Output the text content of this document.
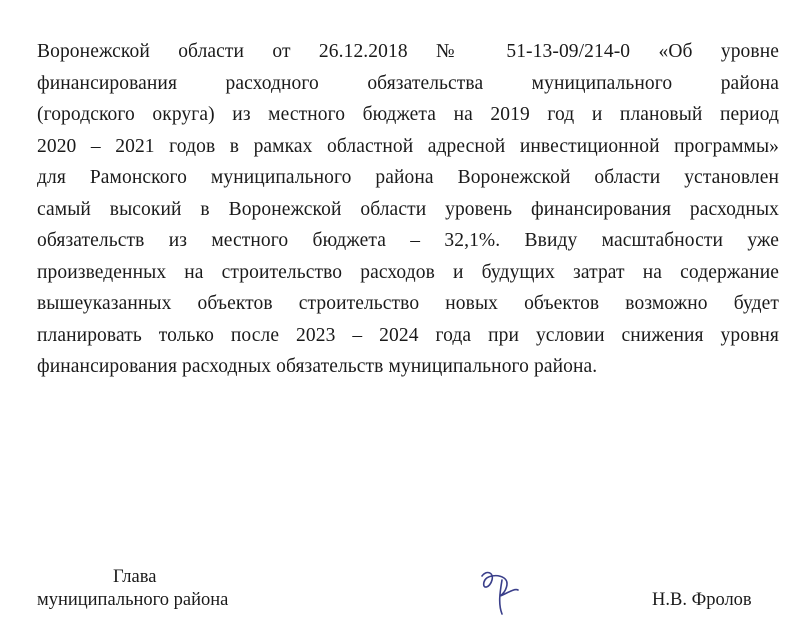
Воронежской области от 26.12.2018 № 51-13-09/214-0 «Об уровне
финансирования расходного обязательства муниципального района
(городского округа) из местного бюджета на 2019 год и плановый период
2020 – 2021 годов в рамках областной адресной инвестиционной программы»
для Рамонского муниципального района Воронежской области установлен
самый высокий в Воронежской области уровень финансирования расходных
обязательств из местного бюджета – 32,1%. Ввиду масштабности уже
произведенных на строительство расходов и будущих затрат на содержание
вышеуказанных объектов строительство новых объектов возможно будет
планировать только после 2023 – 2024 года при условии снижения уровня
финансирования расходных обязательств муниципального района.
Глава
муниципального района	Н.В. Фролов
